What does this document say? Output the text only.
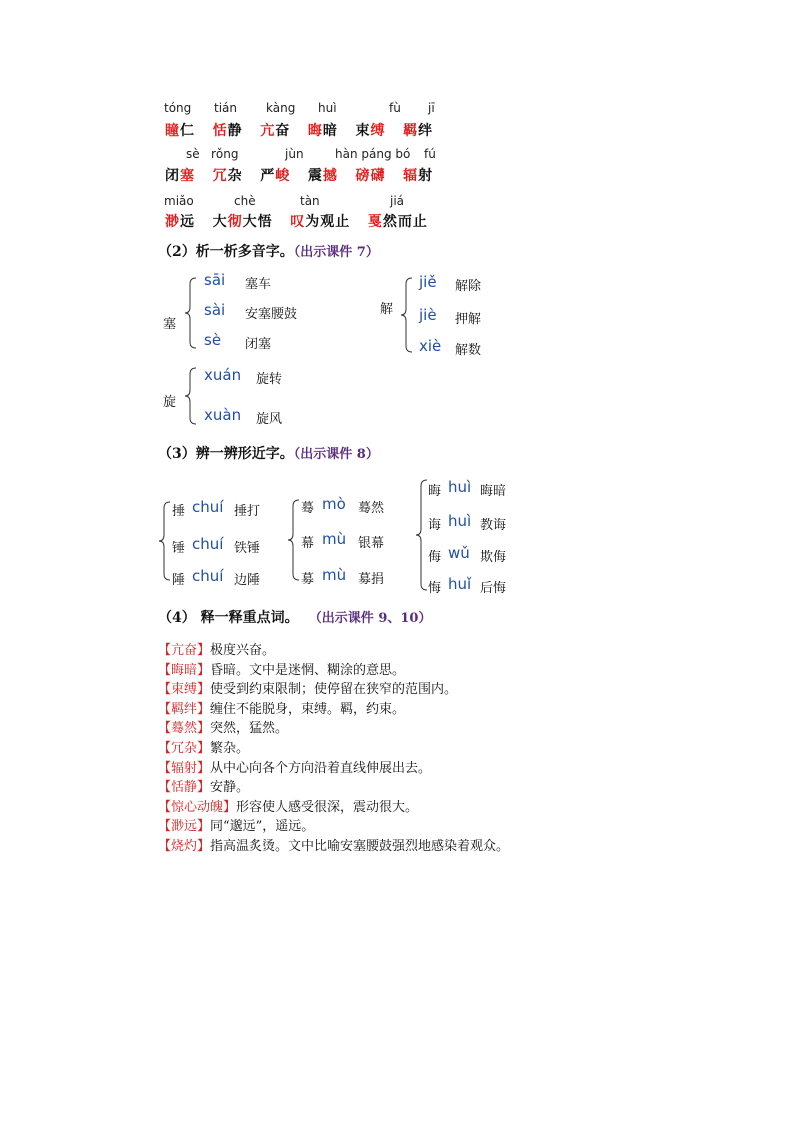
tóng tián kàng huì	fù jī
瞳仁 恬静 亢奋 晦暗 束缚 羁绊
sè rǒng	jùn	hàn páng bó fú
闭塞 冗杂 严峻 震撼 磅礴 辐射
miǎo	chè	tàn	jiá
渺远 大彻大悟 叹为观止 戛然而止
（2）析一析多音字。（出示课件 7）
塞
sāi 塞车
sài 安塞腰鼓
sè 闭塞
解
jiě 解除
jiè 押解
xiè 解数
旋
xuán 旋转
xuàn 旋风
（3）辨一辨形近字。（出示课件 8）
捶 chuí 捶打
锤 chuí 铁锤
陲 chuí 边陲
蓦 mò 蓦然
幕 mù 银幕
募 mù 募捐
晦 huì 晦暗
诲 huì 教诲
侮 wǔ 欺侮
悔 huǐ 后悔
（4） 释一释重点词。 （出示课件 9、10）
【亢奋】极度兴奋。
【晦暗】昏暗。文中是迷惘、糊涂的意思。
【束缚】使受到约束限制；使停留在狭窄的范围内。
【羁绊】缠住不能脱身，束缚。羁，约束。
【蓦然】突然，猛然。
【冗杂】繁杂。
【辐射】从中心向各个方向沿着直线伸展出去。
【恬静】安静。
【惊心动魄】形容使人感受很深，震动很大。
【渺远】同“邈远”，遥远。
【烧灼】指高温炙烫。文中比喻安塞腰鼓强烈地感染着观众。
